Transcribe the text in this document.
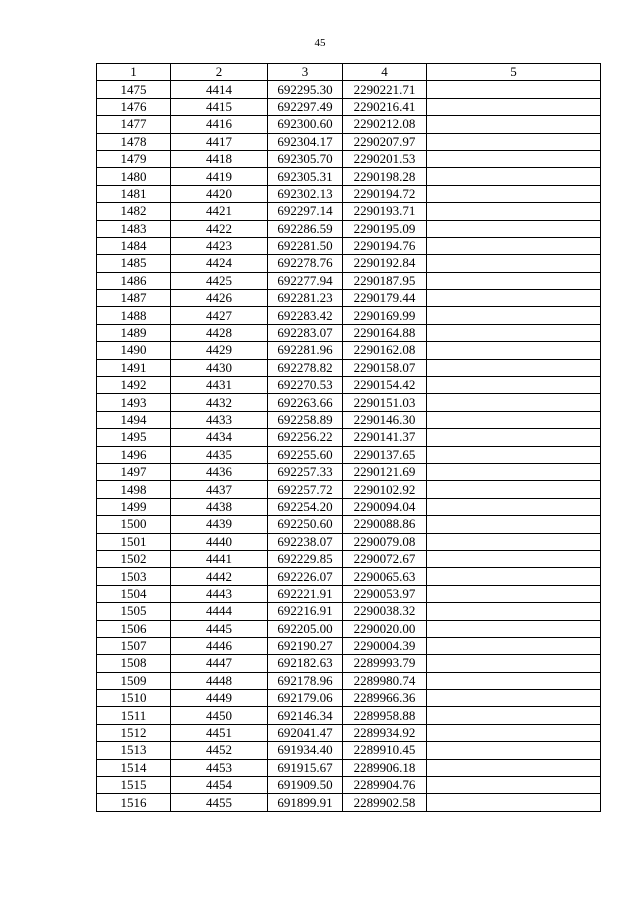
45
1	2	3	4	5
1475	4414	692295.30	2290221.71	
1476	4415	692297.49	2290216.41	
1477	4416	692300.60	2290212.08	
1478	4417	692304.17	2290207.97	
1479	4418	692305.70	2290201.53	
1480	4419	692305.31	2290198.28	
1481	4420	692302.13	2290194.72	
1482	4421	692297.14	2290193.71	
1483	4422	692286.59	2290195.09	
1484	4423	692281.50	2290194.76	
1485	4424	692278.76	2290192.84	
1486	4425	692277.94	2290187.95	
1487	4426	692281.23	2290179.44	
1488	4427	692283.42	2290169.99	
1489	4428	692283.07	2290164.88	
1490	4429	692281.96	2290162.08	
1491	4430	692278.82	2290158.07	
1492	4431	692270.53	2290154.42	
1493	4432	692263.66	2290151.03	
1494	4433	692258.89	2290146.30	
1495	4434	692256.22	2290141.37	
1496	4435	692255.60	2290137.65	
1497	4436	692257.33	2290121.69	
1498	4437	692257.72	2290102.92	
1499	4438	692254.20	2290094.04	
1500	4439	692250.60	2290088.86	
1501	4440	692238.07	2290079.08	
1502	4441	692229.85	2290072.67	
1503	4442	692226.07	2290065.63	
1504	4443	692221.91	2290053.97	
1505	4444	692216.91	2290038.32	
1506	4445	692205.00	2290020.00	
1507	4446	692190.27	2290004.39	
1508	4447	692182.63	2289993.79	
1509	4448	692178.96	2289980.74	
1510	4449	692179.06	2289966.36	
1511	4450	692146.34	2289958.88	
1512	4451	692041.47	2289934.92	
1513	4452	691934.40	2289910.45	
1514	4453	691915.67	2289906.18	
1515	4454	691909.50	2289904.76	
1516	4455	691899.91	2289902.58	
